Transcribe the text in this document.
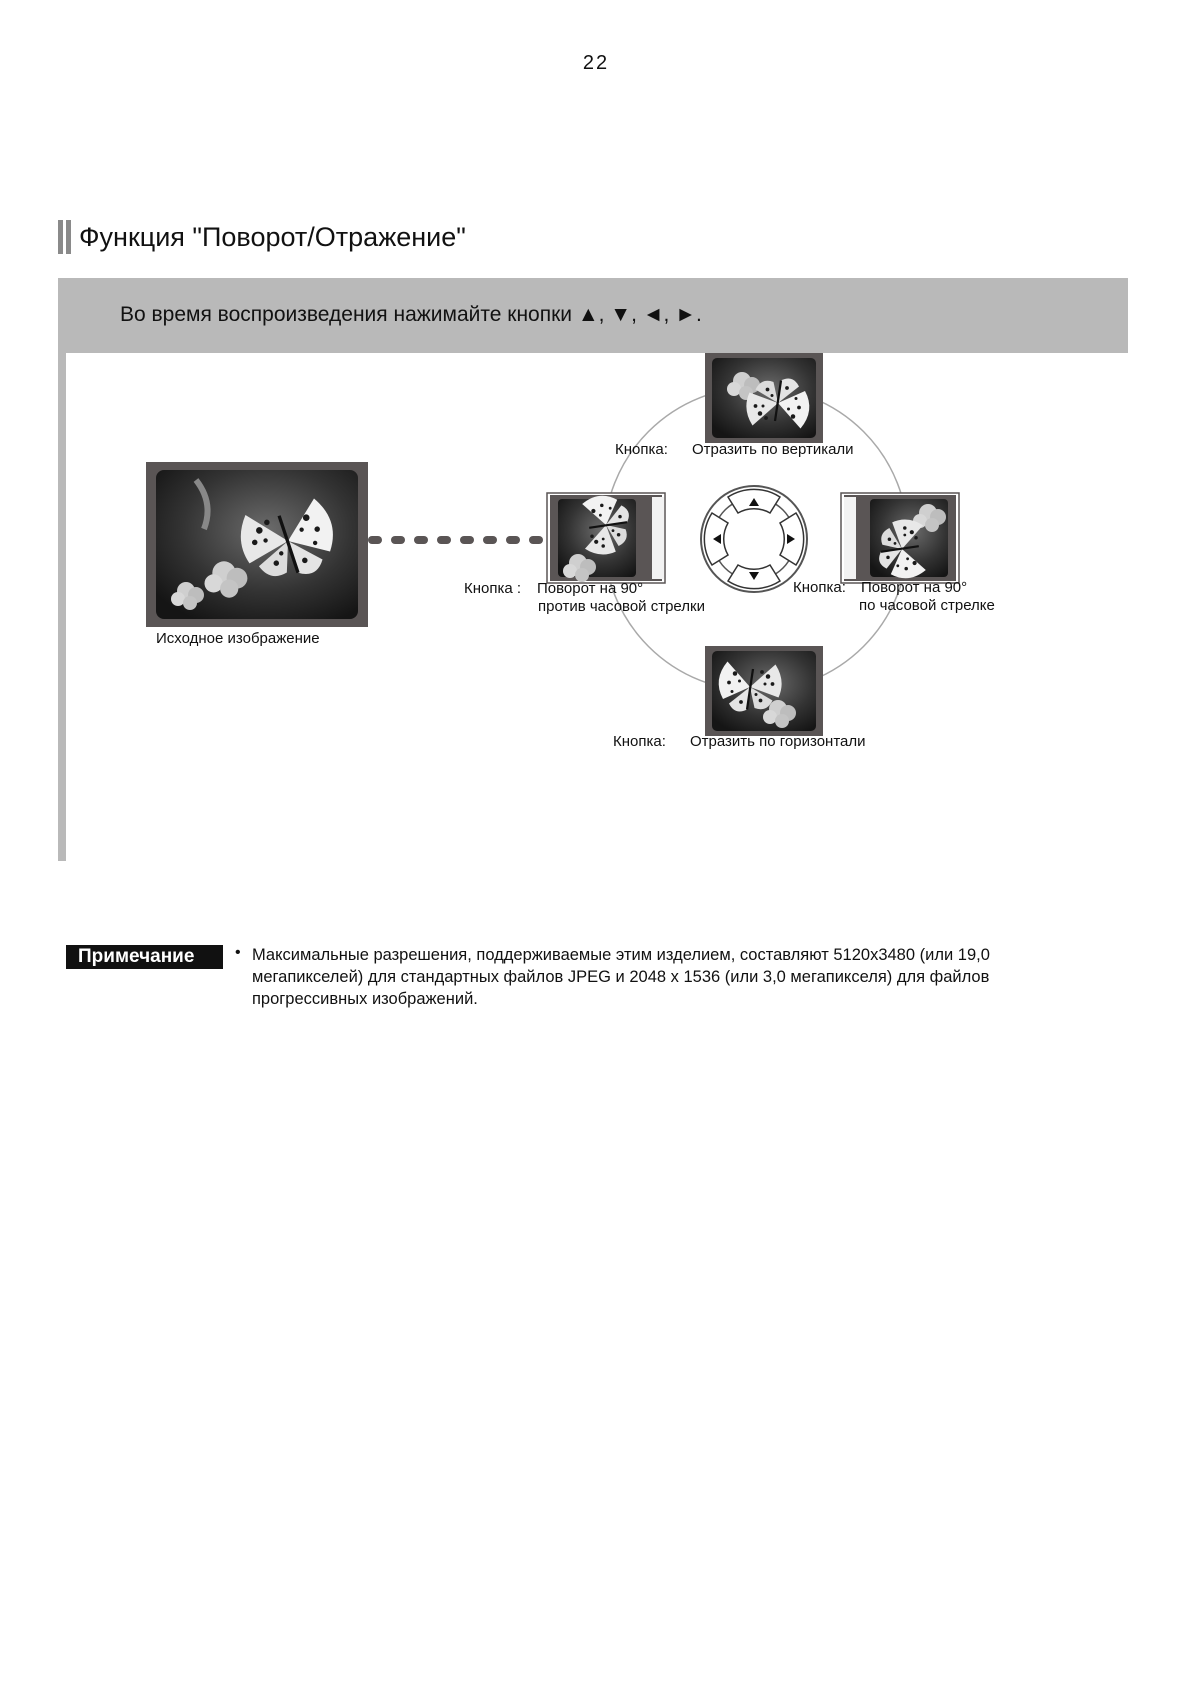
22
Функция "Поворот/Отражение"
Во время воспроизведения нажимайте кнопки ▲, ▼, ◄, ►.
Исходное изображение
Кнопка: Отразить по вертикали
Кнопка : Поворот на 90°
против часовой стрелки
Кнопка: Поворот на 90°
по часовой стрелке
Кнопка: Отразить по горизонтали
Примечание	• Максимальные разрешения, поддерживаемые этим изделием, составляют 5120x3480 (или 19,0 мегапикселей) для стандартных файлов JPEG и 2048 x 1536 (или 3,0 мегапикселя) для файлов прогрессивных изображений.
